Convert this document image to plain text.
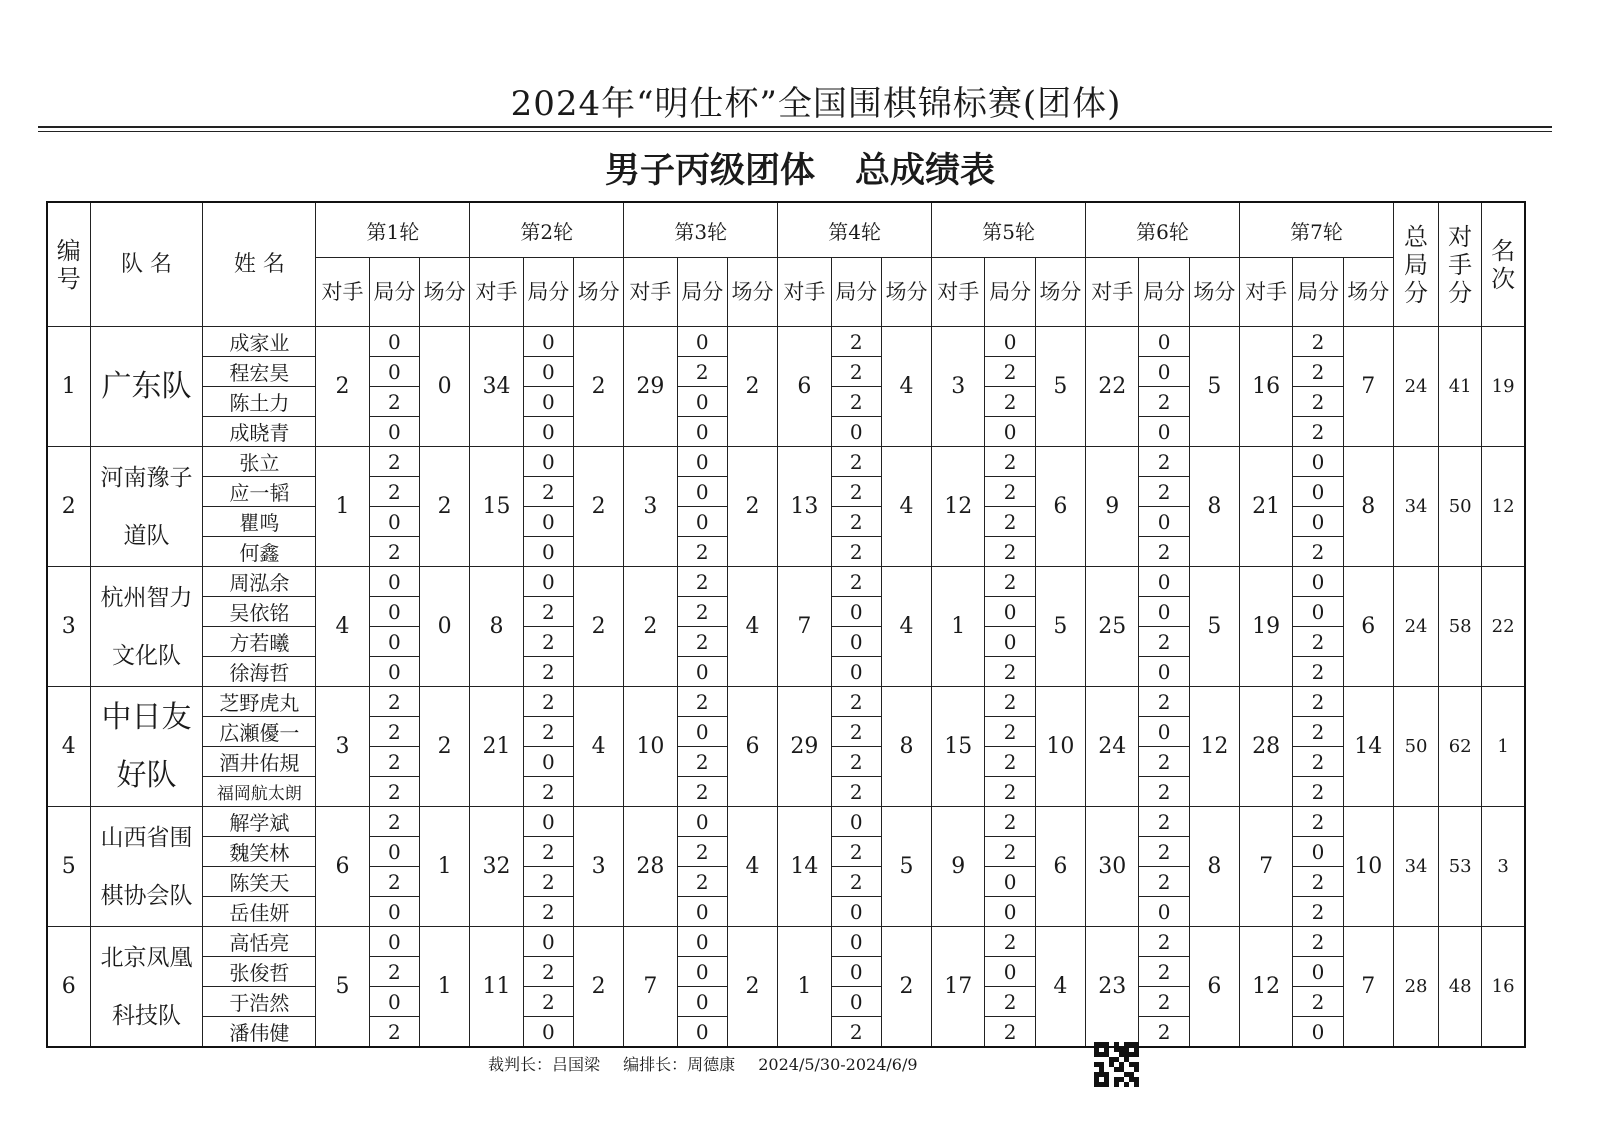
2024年“明仕杯”全国围棋锦标赛(团体)
男子丙级团体 总成绩表
编号	队 名	姓 名	第1轮			第2轮			第3轮			第4轮			第5轮			第6轮			第7轮			总局分	对手分	名次
			对手	局分	场分	对手	局分	场分	对手	局分	场分	对手	局分	场分	对手	局分	场分	对手	局分	场分	对手	局分	场分			
1	广东队	成家业	2	0	0	34	0	2	29	0	2	6	2	4	3	0	5	22	0	5	16	2	7	24	41	19
		程宏昊		0			0			2			2			2			0			2				
		陈土力		2			0			0			2			2			2			2				
		成晓青		0			0			0			0			0			0			2				
2	河南豫子道队	张立	1	2	2	15	0	2	3	0	2	13	2	4	12	2	6	9	2	8	21	0	8	34	50	12
		应一韬		2			2			0			2			2			2			0				
		瞿鸣		0			0			0			2			2			0			0				
		何鑫		2			0			2			2			2			2			2				
3	杭州智力文化队	周泓余	4	0	0	8	0	2	2	2	4	7	2	4	1	2	5	25	0	5	19	0	6	24	58	22
		吴依铭		0			2			2			0			0			0			0				
		方若曦		0			2			2			0			0			2			2				
		徐海哲		0			2			0			0			2			0			2				
4	中日友好队	芝野虎丸	3	2	2	21	2	4	10	2	6	29	2	8	15	2	10	24	2	12	28	2	14	50	62	1
		広瀬優一		2			2			0			2			2			0			2				
		酒井佑規		2			0			2			2			2			2			2				
		福岡航太朗		2			2			2			2			2			2			2				
5	山西省围棋协会队	解学斌	6	2	1	32	0	3	28	0	4	14	0	5	9	2	6	30	2	8	7	2	10	34	53	3
		魏笑林		0			2			2			2			2			2			0				
		陈笑天		2			2			2			2			0			2			2				
		岳佳妍		0			2			0			0			0			0			2				
6	北京凤凰科技队	高恬亮	5	0	1	11	0	2	7	0	2	1	0	2	17	2	4	23	2	6	12	2	7	28	48	16
		张俊哲		2			2			0			0			0			2			0				
		于浩然		0			2			0			0			2			2			2				
		潘伟健		2			0			0			2			2			2			0				
裁判长：吕国梁 编排长：周德康 2024/5/30-2024/6/9
